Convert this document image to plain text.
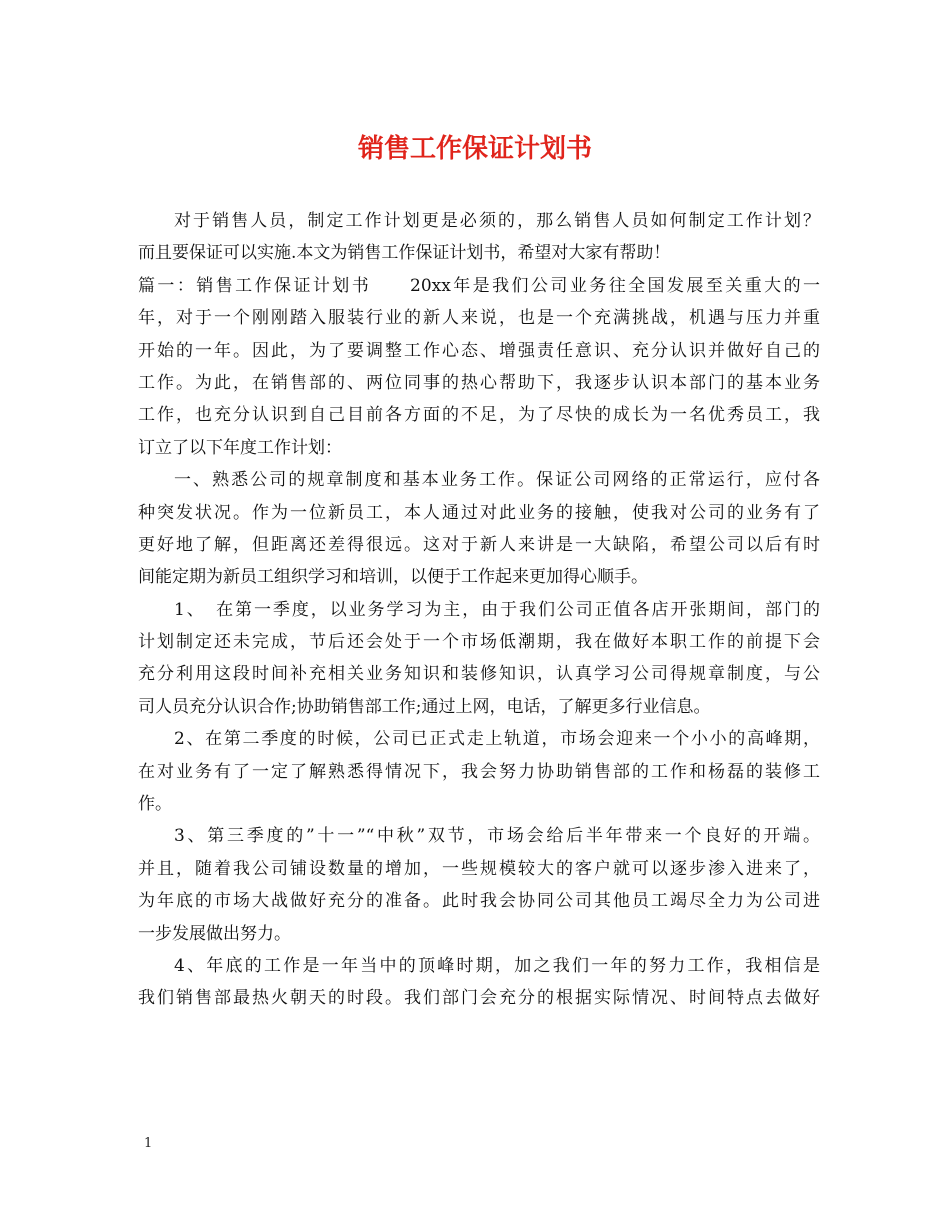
销售工作保证计划书
对于销售人员，制定工作计划更是必须的，那么销售人员如何制定工作计划？
而且要保证可以实施.本文为销售工作保证计划书，希望对大家有帮助！
篇一：销售工作保证计划书　　20xx年是我们公司业务往全国发展至关重大的一
年，对于一个刚刚踏入服装行业的新人来说，也是一个充满挑战，机遇与压力并重
开始的一年。因此，为了要调整工作心态、增强责任意识、充分认识并做好自己的
工作。为此，在销售部的、两位同事的热心帮助下，我逐步认识本部门的基本业务
工作，也充分认识到自己目前各方面的不足，为了尽快的成长为一名优秀员工，我
订立了以下年度工作计划：
一、熟悉公司的规章制度和基本业务工作。保证公司网络的正常运行，应付各
种突发状况。作为一位新员工，本人通过对此业务的接触，使我对公司的业务有了
更好地了解，但距离还差得很远。这对于新人来讲是一大缺陷，希望公司以后有时
间能定期为新员工组织学习和培训，以便于工作起来更加得心顺手。
1、　在第一季度，以业务学习为主，由于我们公司正值各店开张期间，部门的
计划制定还未完成，节后还会处于一个市场低潮期，我在做好本职工作的前提下会
充分利用这段时间补充相关业务知识和装修知识，认真学习公司得规章制度，与公
司人员充分认识合作;协助销售部工作;通过上网，电话，了解更多行业信息。
2、在第二季度的时候，公司已正式走上轨道，市场会迎来一个小小的高峰期，
在对业务有了一定了解熟悉得情况下，我会努力协助销售部的工作和杨磊的装修工
作。
3、第三季度的”十一”“中秋”双节，市场会给后半年带来一个良好的开端。
并且，随着我公司铺设数量的增加，一些规模较大的客户就可以逐步渗入进来了，
为年底的市场大战做好充分的准备。此时我会协同公司其他员工竭尽全力为公司进
一步发展做出努力。
4、年底的工作是一年当中的顶峰时期，加之我们一年的努力工作，我相信是
我们销售部最热火朝天的时段。我们部门会充分的根据实际情况、时间特点去做好
1
